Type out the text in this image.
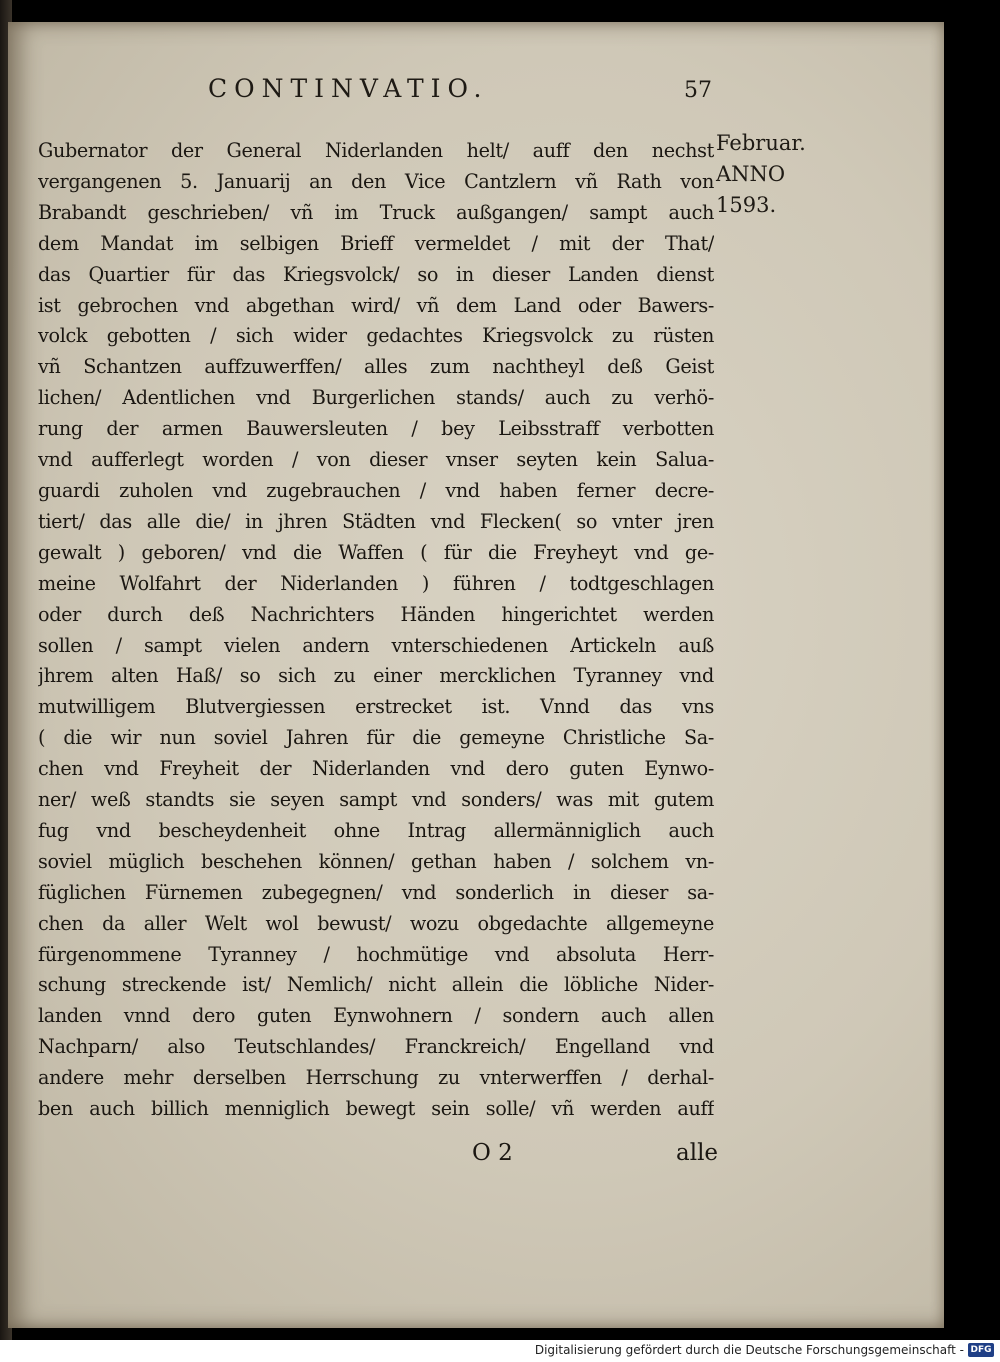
CONTINVATIO.	57
Februar.
ANNO
1593.
Gubernator der General Niderlanden helt/ auff den nechst
vergangenen 5. Januarij an den Vice Cantzlern vñ Rath von
Brabandt geschrieben/ vñ im Truck außgangen/ sampt auch
dem Mandat im selbigen Brieff vermeldet / mit der That/
das Quartier für das Kriegsvolck/ so in dieser Landen dienst
ist gebrochen vnd abgethan wird/ vñ dem Land oder Bawers-
volck gebotten / sich wider gedachtes Kriegsvolck zu rüsten
vñ Schantzen auffzuwerffen/ alles zum nachtheyl deß Geist
lichen/ Adentlichen vnd Burgerlichen stands/ auch zu verhö-
rung der armen Bauwersleuten / bey Leibsstraff verbotten
vnd aufferlegt worden / von dieser vnser seyten kein Salua-
guardi zuholen vnd zugebrauchen / vnd haben ferner decre-
tiert/ das alle die/ in jhren Städten vnd Flecken( so vnter jren
gewalt ) geboren/ vnd die Waffen ( für die Freyheyt vnd ge-
meine Wolfahrt der Niderlanden ) führen / todtgeschlagen
oder durch deß Nachrichters Händen hingerichtet werden
sollen / sampt vielen andern vnterschiedenen Artickeln auß
jhrem alten Haß/ so sich zu einer mercklichen Tyranney vnd
mutwilligem Blutvergiessen erstrecket ist. Vnnd das vns
( die wir nun soviel Jahren für die gemeyne Christliche Sa-
chen vnd Freyheit der Niderlanden vnd dero guten Eynwo-
ner/ weß standts sie seyen sampt vnd sonders/ was mit gutem
fug vnd bescheydenheit ohne Intrag allermänniglich auch
soviel müglich beschehen können/ gethan haben / solchem vn-
füglichen Fürnemen zubegegnen/ vnd sonderlich in dieser sa-
chen da aller Welt wol bewust/ wozu obgedachte allgemeyne
fürgenommene Tyranney / hochmütige vnd absoluta Herr-
schung streckende ist/ Nemlich/ nicht allein die löbliche Nider-
landen vnnd dero guten Eynwohnern / sondern auch allen
Nachparn/ also Teutschlandes/ Franckreich/ Engelland vnd
andere mehr derselben Herrschung zu vnterwerffen / derhal-
ben auch billich menniglich bewegt sein solle/ vñ werden auff
O 2	alle
Digitalisierung gefördert durch die Deutsche Forschungsgemeinschaft - DFG
